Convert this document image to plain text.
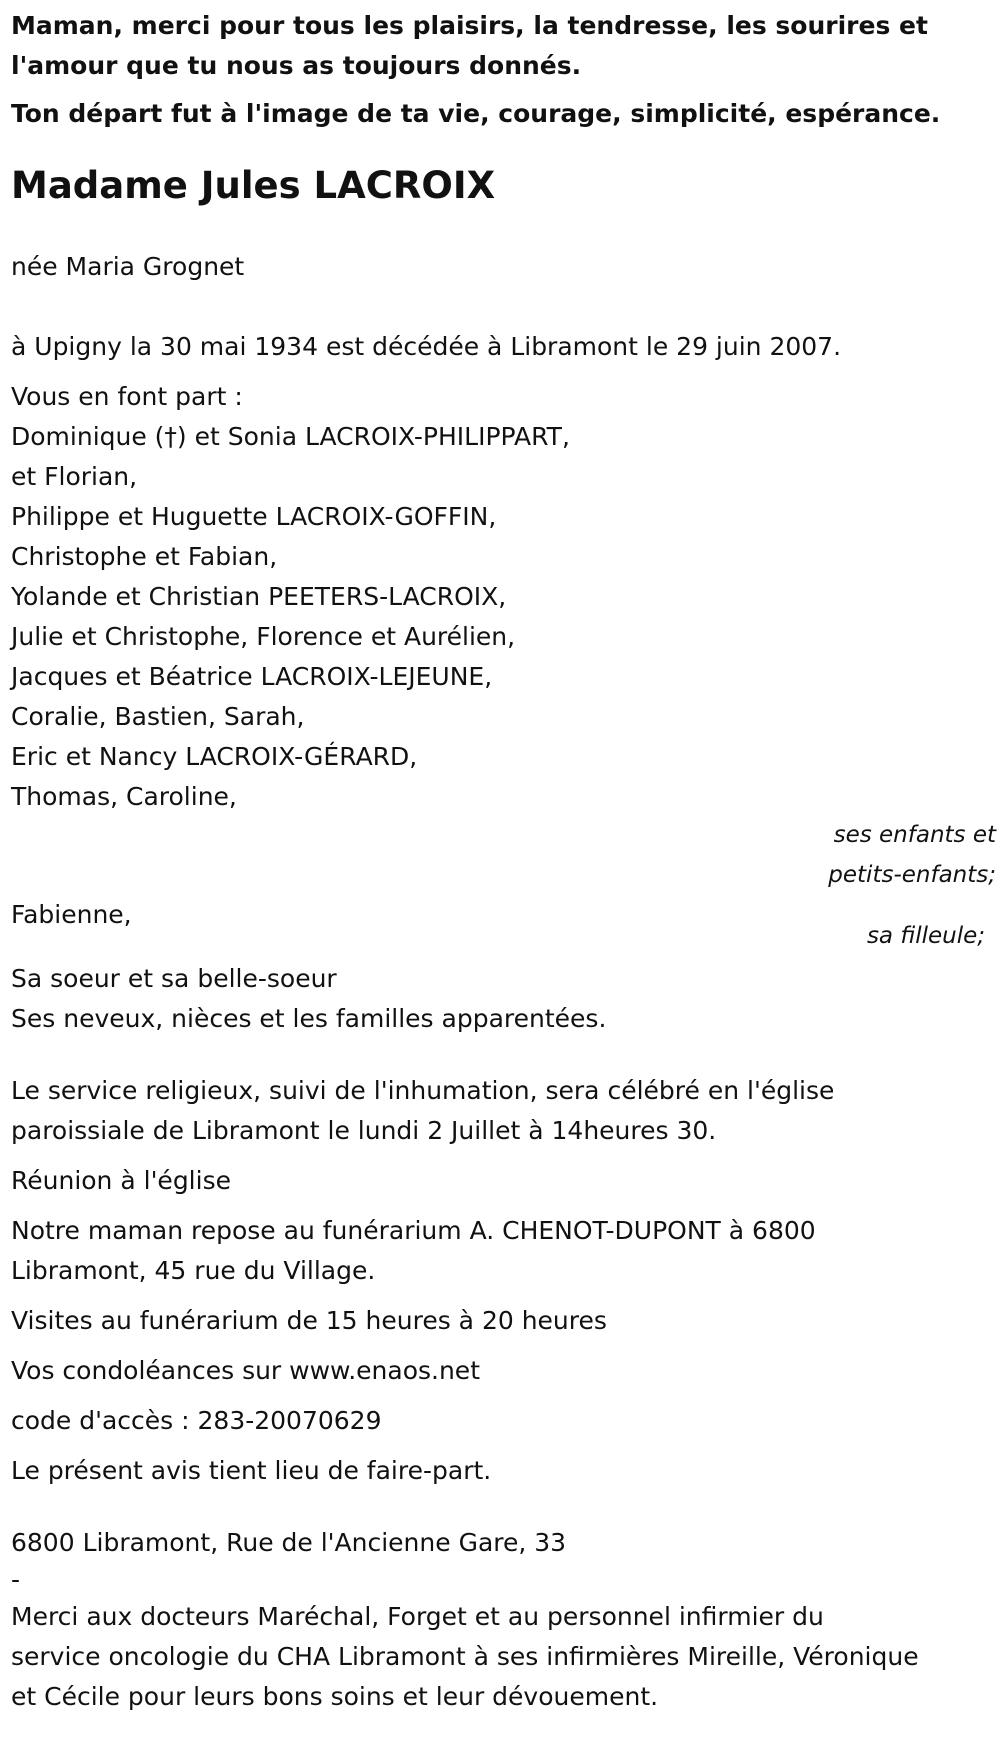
Maman, merci pour tous les plaisirs, la tendresse, les sourires et

l'amour que tu nous as toujours donnés.

Ton départ fut à l'image de ta vie, courage, simplicité, espérance.

Madame Jules LACROIX

née Maria Grognet

à Upigny la 30 mai 1934 est décédée à Libramont le 29 juin 2007.

Vous en font part :

Dominique (†) et Sonia LACROIX-PHILIPPART,
et Florian,
Philippe et Huguette LACROIX-GOFFIN,
Christophe et Fabian,
Yolande et Christian PEETERS-LACROIX,
Julie et Christophe, Florence et Aurélien,
Jacques et Béatrice LACROIX-LEJEUNE,
Coralie, Bastien, Sarah,
Eric et Nancy LACROIX-GÉRARD,
Thomas, Caroline,

ses enfants et

petits-enfants;

Fabienne,

sa filleule;

Sa soeur et sa belle-soeur

Ses neveux, nièces et les familles apparentées.

Le service religieux, suivi de l'inhumation, sera célébré en l'église

paroissiale de Libramont le lundi 2 Juillet à 14heures 30.

Réunion à l'église

Notre maman repose au funérarium A. CHENOT-DUPONT à 6800

Libramont, 45 rue du Village.

Visites au funérarium de 15 heures à 20 heures

Vos condoléances sur www.enaos.net

code d'accès : 283-20070629

Le présent avis tient lieu de faire-part.

6800 Libramont, Rue de l'Ancienne Gare, 33

-

Merci aux docteurs Maréchal, Forget et au personnel infirmier du

service oncologie du CHA Libramont à ses infirmières Mireille, Véronique

et Cécile pour leurs bons soins et leur dévouement.
